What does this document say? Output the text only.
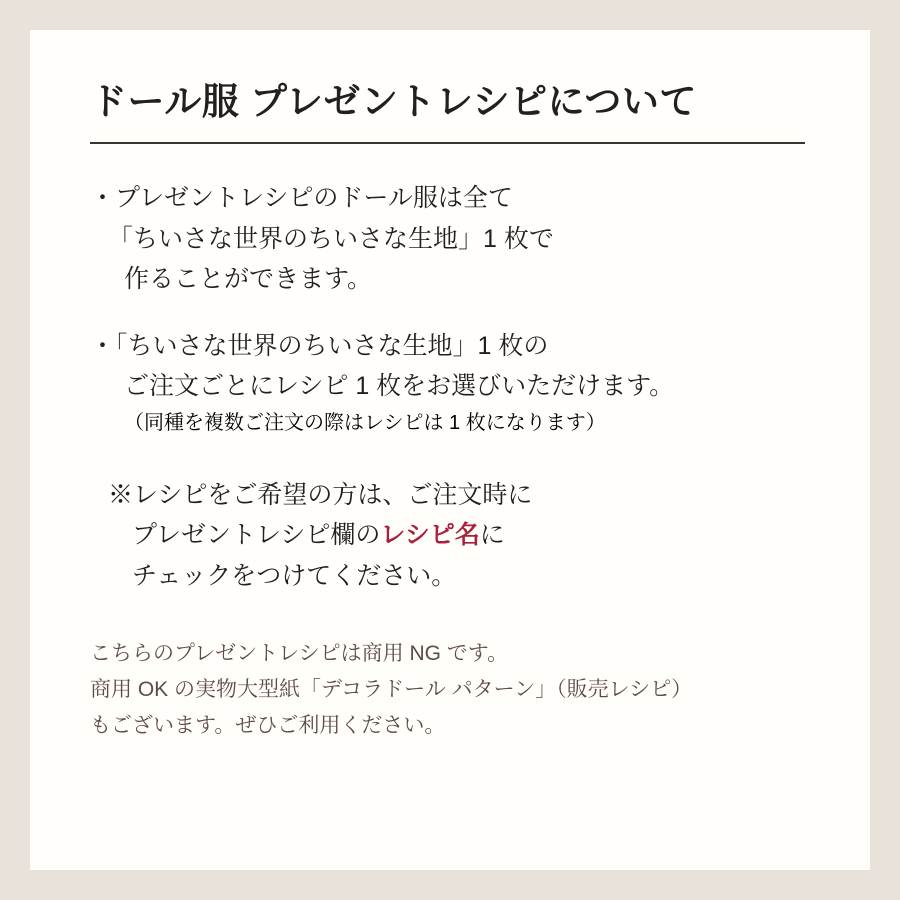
ドール服 プレゼントレシピについて
・プレゼントレシピのドール服は全て
「ちいさな世界のちいさな生地」1 枚で
作ることができます。
・「ちいさな世界のちいさな生地」1 枚の
ご注文ごとにレシピ 1 枚をお選びいただけます。
（同種を複数ご注文の際はレシピは 1 枚になります）
※レシピをご希望の方は、ご注文時に
プレゼントレシピ欄のレシピ名に
チェックをつけてください。
こちらのプレゼントレシピは商用 NG です。
商用 OK の実物大型紙「デコラドール パターン」（販売レシピ）
もございます。ぜひご利用ください。
